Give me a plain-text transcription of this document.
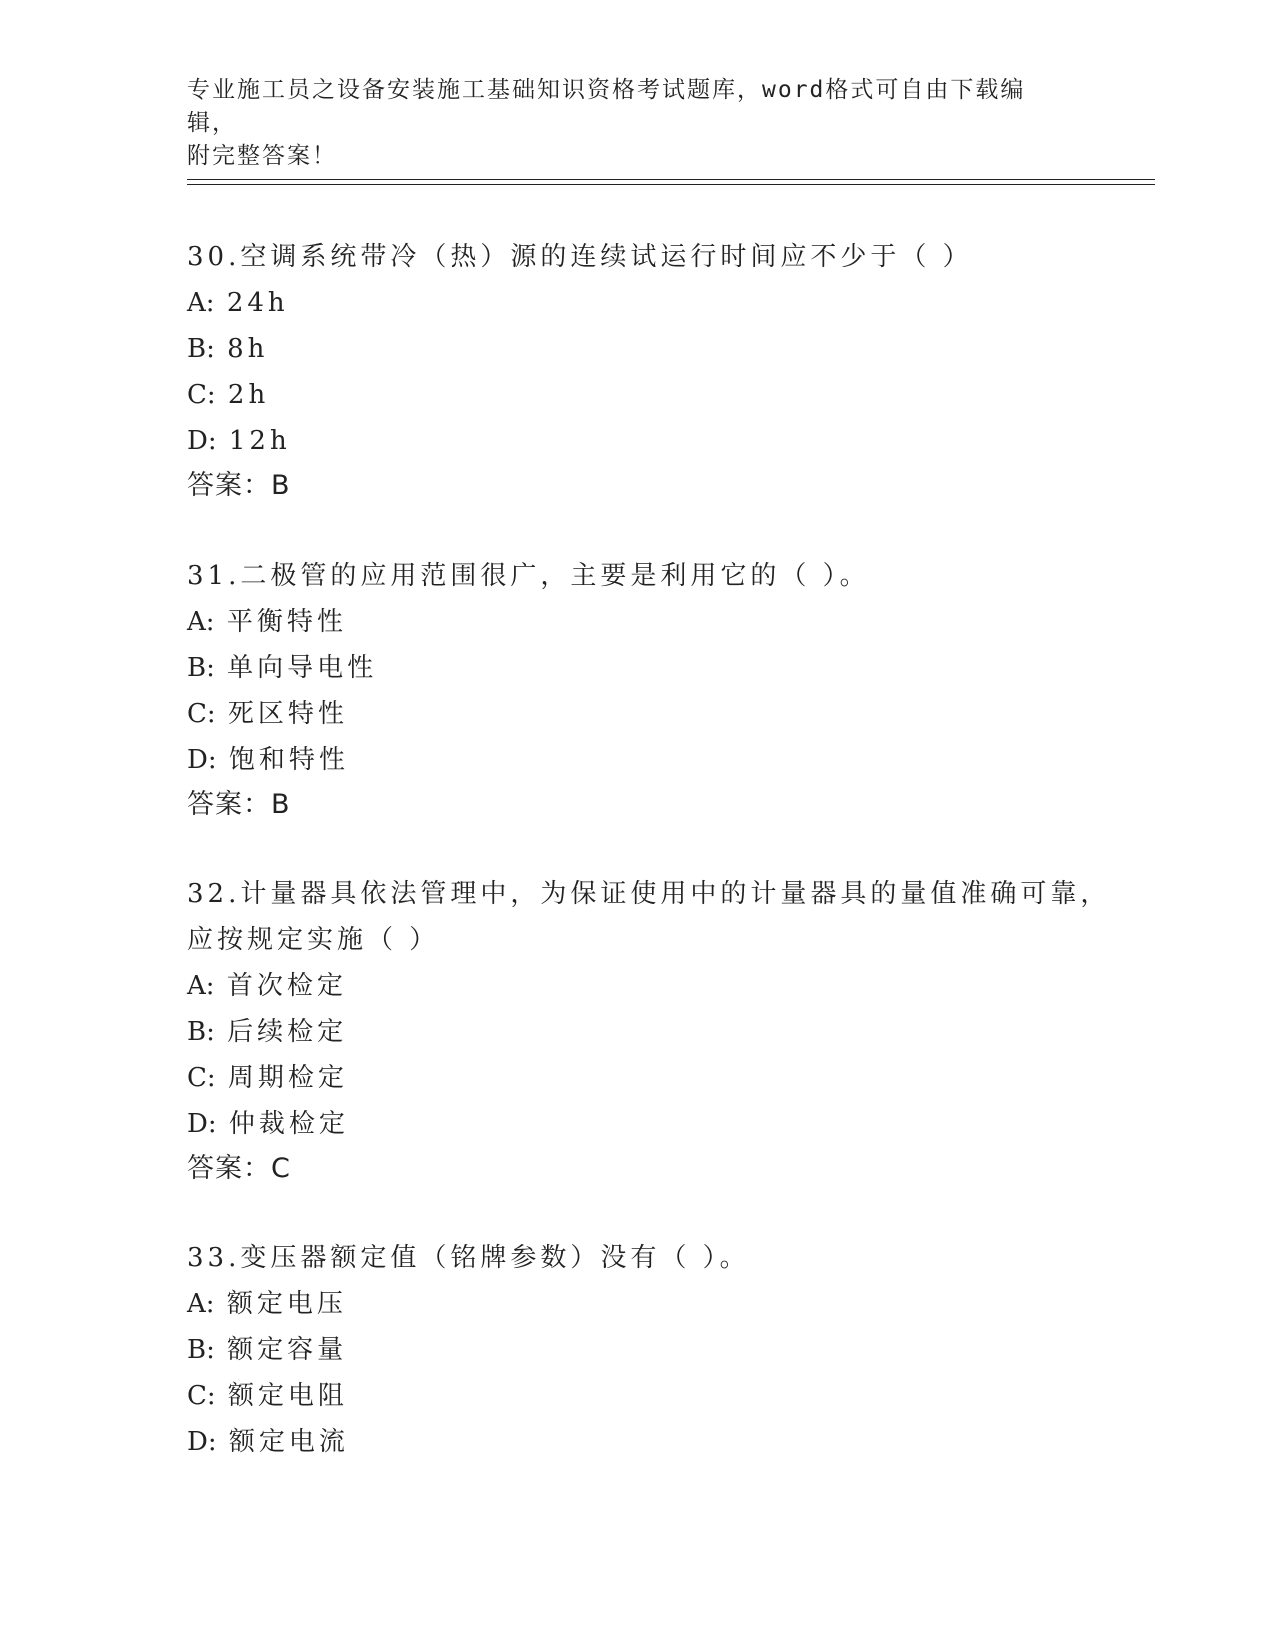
专业施工员之设备安装施工基础知识资格考试题库，word格式可自由下载编辑，
附完整答案！
30.空调系统带冷（热）源的连续试运行时间应不少于（ ）
A: 24h
B: 8h
C: 2h
D: 12h
答案：B
31.二极管的应用范围很广，主要是利用它的（ ）。
A: 平衡特性
B: 单向导电性
C: 死区特性
D: 饱和特性
答案：B
32.计量器具依法管理中，为保证使用中的计量器具的量值准确可靠，
应按规定实施（ ）
A: 首次检定
B: 后续检定
C: 周期检定
D: 仲裁检定
答案：C
33.变压器额定值（铭牌参数）没有（ ）。
A: 额定电压
B: 额定容量
C: 额定电阻
D: 额定电流
